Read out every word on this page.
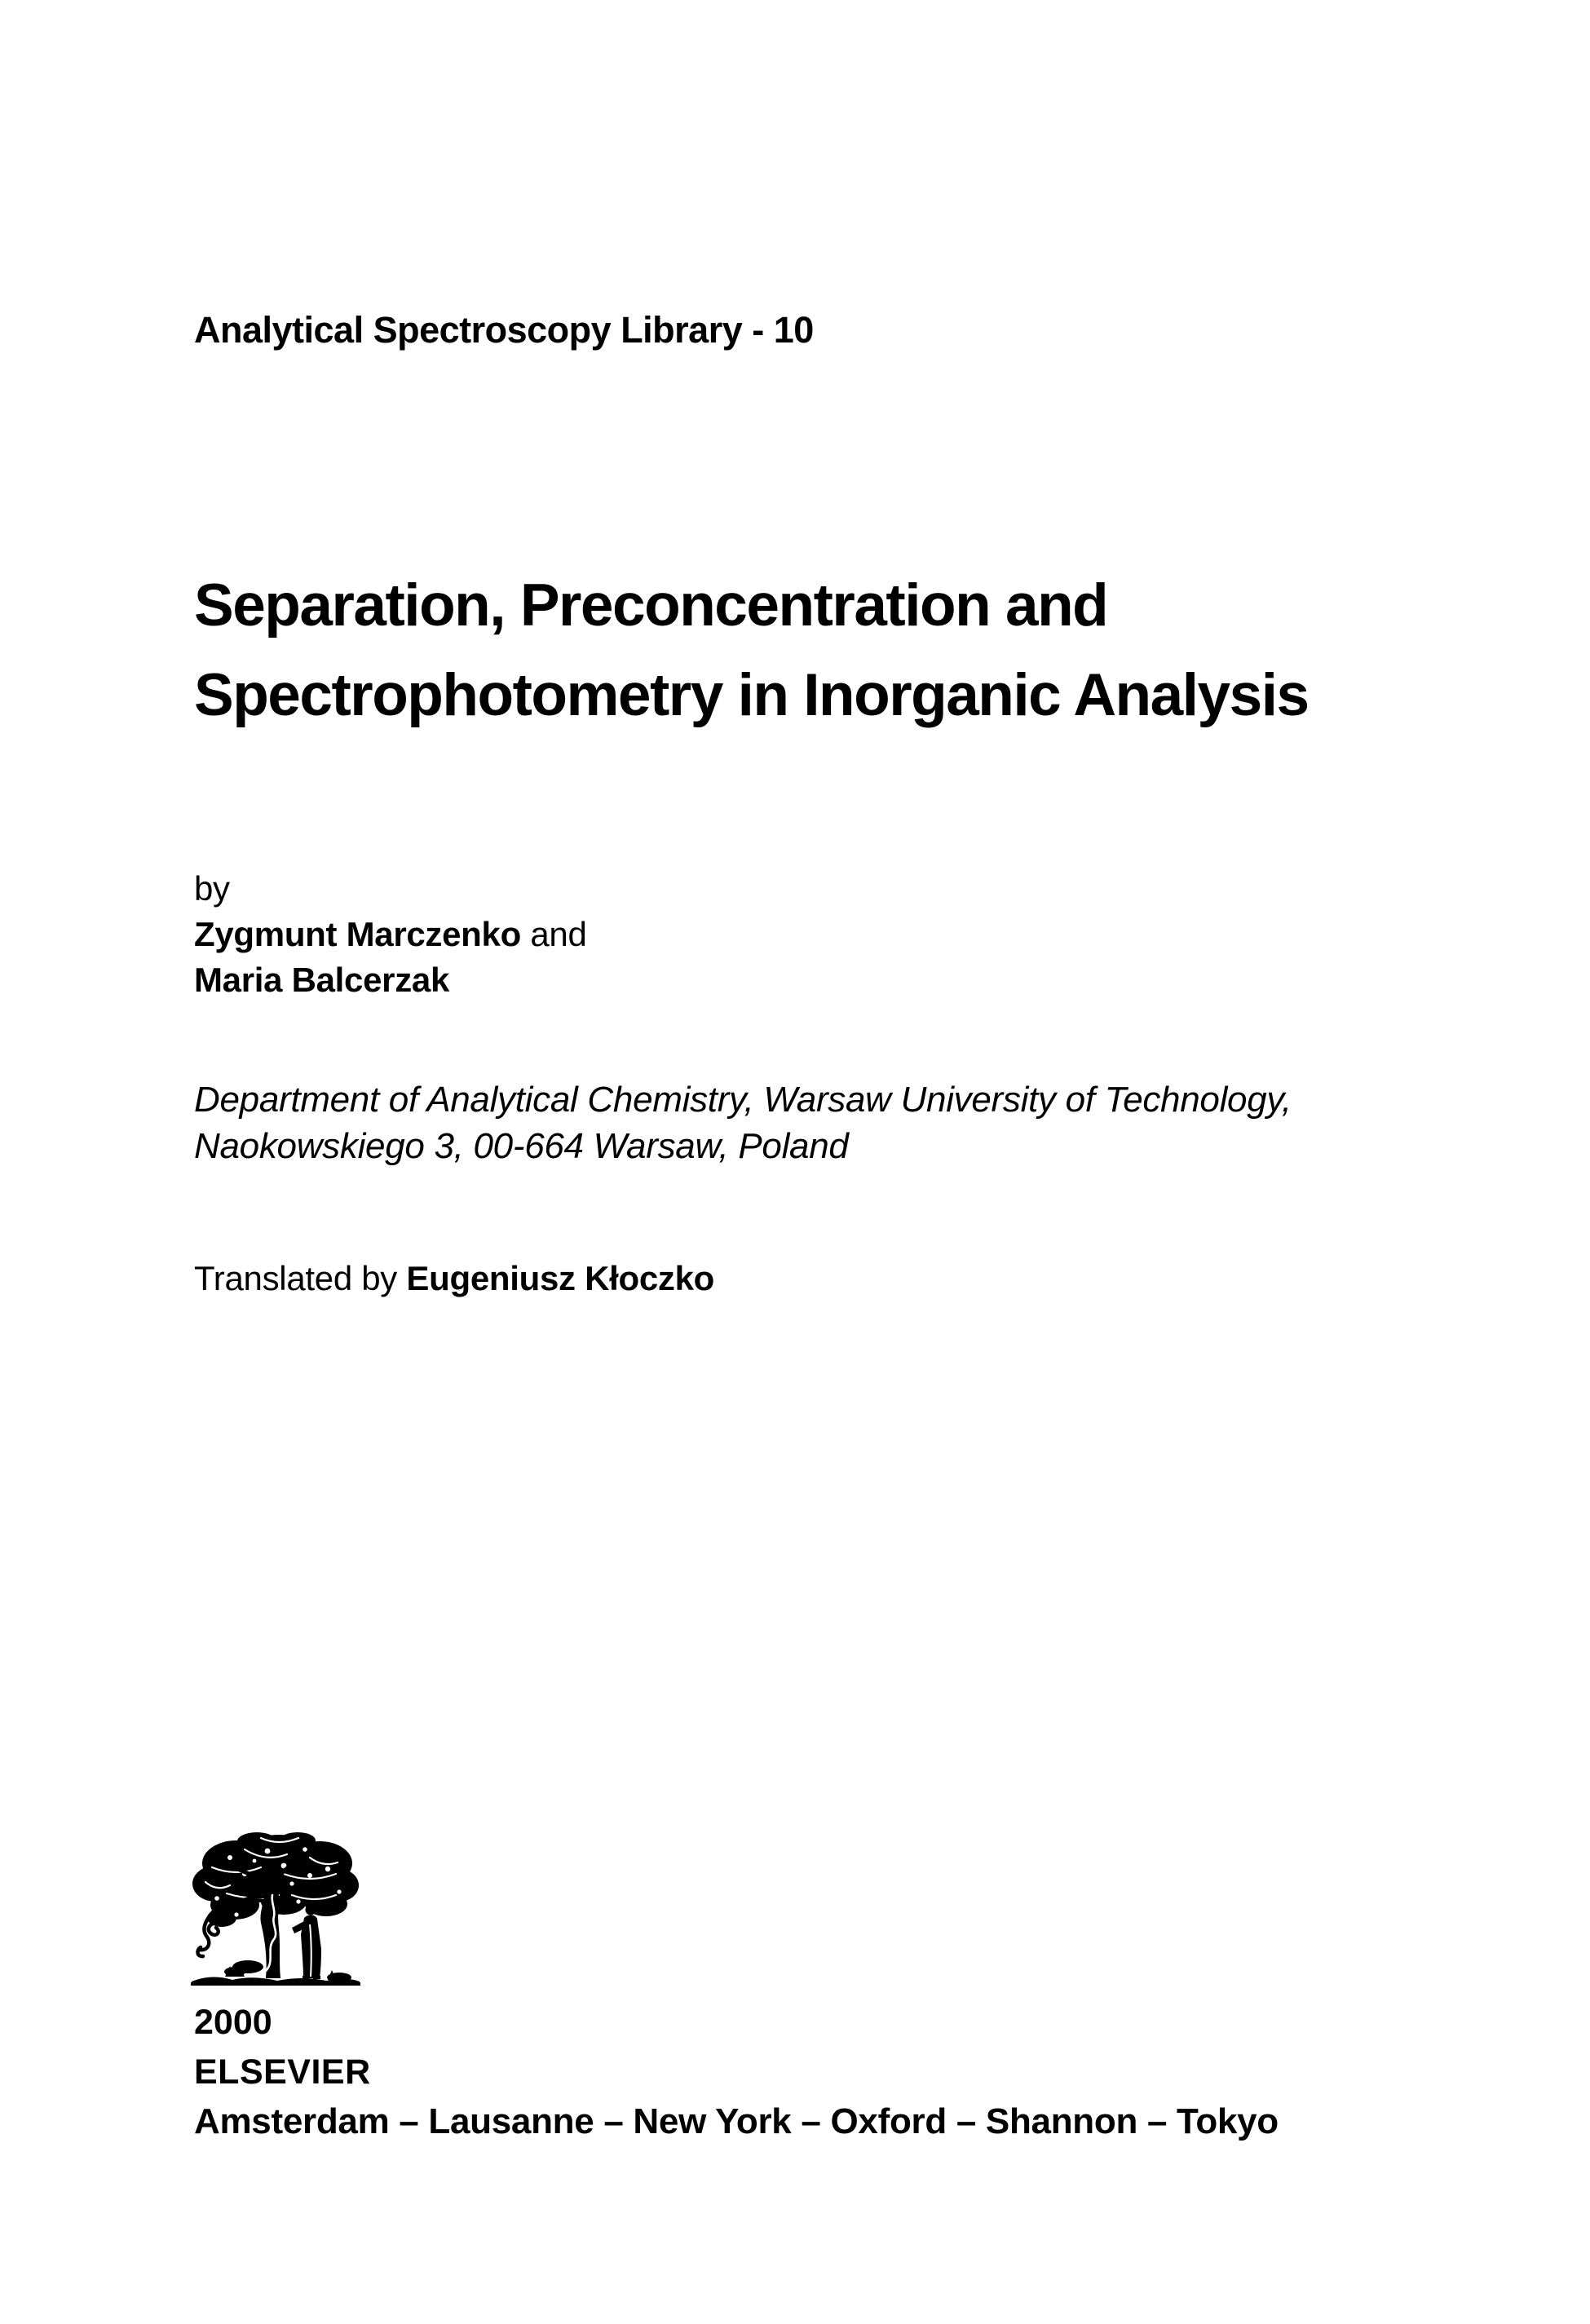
Analytical Spectroscopy Library - 10
Separation, Preconcentration and
Spectrophotometry in Inorganic Analysis
by
Zygmunt Marczenko and
Maria Balcerzak
Department of Analytical Chemistry, Warsaw University of Technology,
Naokowskiego 3, 00-664 Warsaw, Poland
Translated by Eugeniusz Kłoczko
2000
ELSEVIER
Amsterdam – Lausanne – New York – Oxford – Shannon – Tokyo
